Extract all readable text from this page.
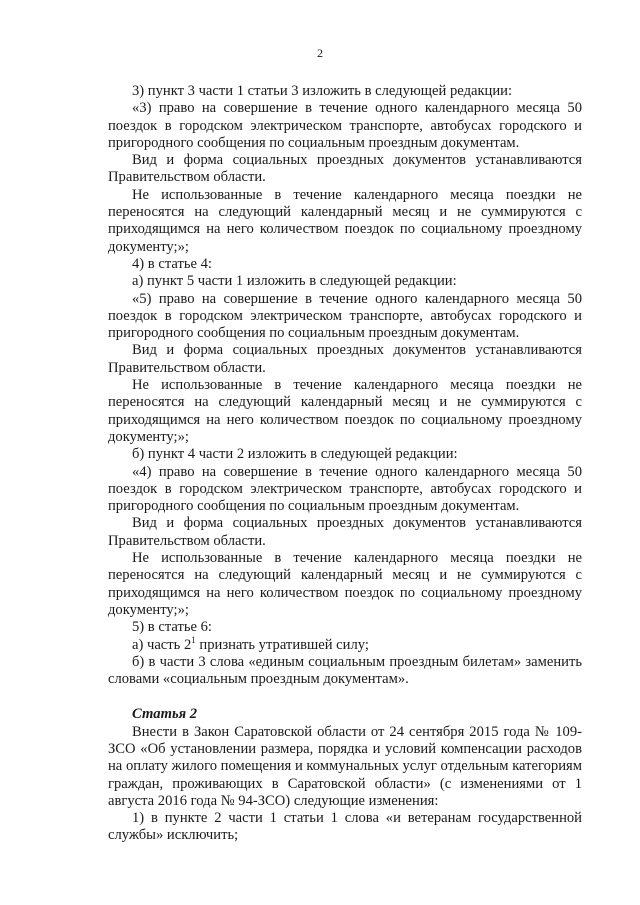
2

3) пункт 3 части 1 статьи 3 изложить в следующей редакции:

«3) право на совершение в течение одного календарного месяца 50 поездок в городском электрическом транспорте, автобусах городского и пригородного сообщения по социальным проездным документам.

Вид и форма социальных проездных документов устанавливаются Правительством области.

Не использованные в течение календарного месяца поездки не переносятся на следующий календарный месяц и не суммируются с приходящимся на него количеством поездок по социальному проездному документу;»;

4) в статье 4:

а) пункт 5 части 1 изложить в следующей редакции:

«5) право на совершение в течение одного календарного месяца 50 поездок в городском электрическом транспорте, автобусах городского и пригородного сообщения по социальным проездным документам.

Вид и форма социальных проездных документов устанавливаются Правительством области.

Не использованные в течение календарного месяца поездки не переносятся на следующий календарный месяц и не суммируются с приходящимся на него количеством поездок по социальному проездному документу;»;

б) пункт 4 части 2 изложить в следующей редакции:

«4) право на совершение в течение одного календарного месяца 50 поездок в городском электрическом транспорте, автобусах городского и пригородного сообщения по социальным проездным документам.

Вид и форма социальных проездных документов устанавливаются Правительством области.

Не использованные в течение календарного месяца поездки не переносятся на следующий календарный месяц и не суммируются с приходящимся на него количеством поездок по социальному проездному документу;»;

5) в статье 6:

а) часть $2^1$ признать утратившей силу;

б) в части 3 слова «единым социальным проездным билетам» заменить словами «социальным проездным документам».

Статья 2

Внести в Закон Саратовской области от 24 сентября 2015 года № 109-ЗСО «Об установлении размера, порядка и условий компенсации расходов на оплату жилого помещения и коммунальных услуг отдельным категориям граждан, проживающих в Саратовской области» (с изменениями от 1 августа 2016 года № 94-ЗСО) следующие изменения:

1) в пункте 2 части 1 статьи 1 слова «и ветеранам государственной службы» исключить;
